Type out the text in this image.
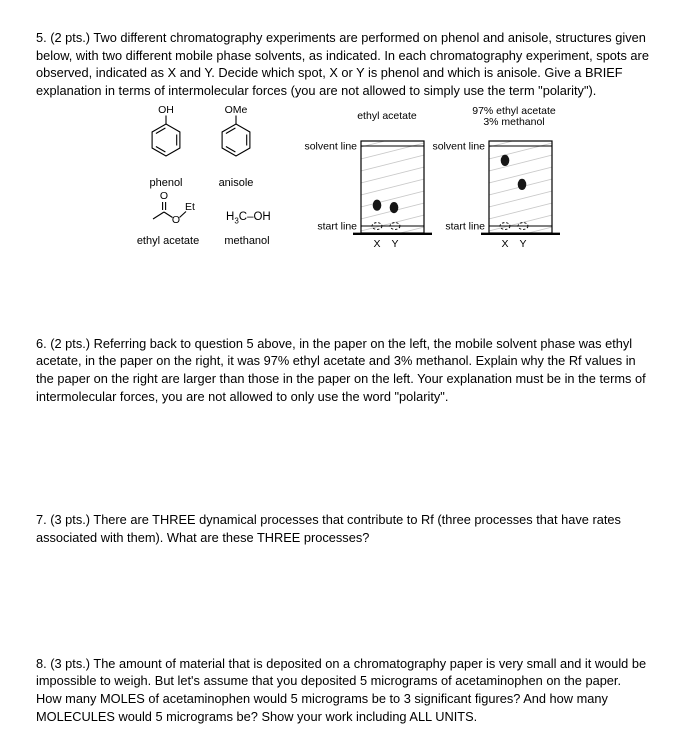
5. (2 pts.) Two different chromatography experiments are performed on phenol and anisole, structures given below, with two different mobile phase solvents, as indicated. In each chromatography experiment, spots are observed, indicated as X and Y. Decide which spot, X or Y is phenol and which is anisole. Give a BRIEF explanation in terms of intermolecular forces (you are not allowed to simply use the term "polarity").

OH
phenol
OMe
anisole
O
O
Et
ethyl acetate
$H_3C-OH$
methanol
ethyl acetate
solvent line
start line
X Y
97% ethyl acetate
3% methanol
solvent line
start line
X Y

6. (2 pts.) Referring back to question 5 above, in the paper on the left, the mobile solvent phase was ethyl acetate, in the paper on the right, it was 97% ethyl acetate and 3% methanol. Explain why the Rf values in the paper on the right are larger than those in the paper on the left. Your explanation must be in the terms of intermolecular forces, you are not allowed to only use the word "polarity".

7. (3 pts.) There are THREE dynamical processes that contribute to Rf (three processes that have rates associated with them). What are these THREE processes?

8. (3 pts.) The amount of material that is deposited on a chromatography paper is very small and it would be impossible to weigh. But let's assume that you deposited 5 micrograms of acetaminophen on the paper. How many MOLES of acetaminophen would 5 micrograms be to 3 significant figures? And how many MOLECULES would 5 micrograms be? Show your work including ALL UNITS.
